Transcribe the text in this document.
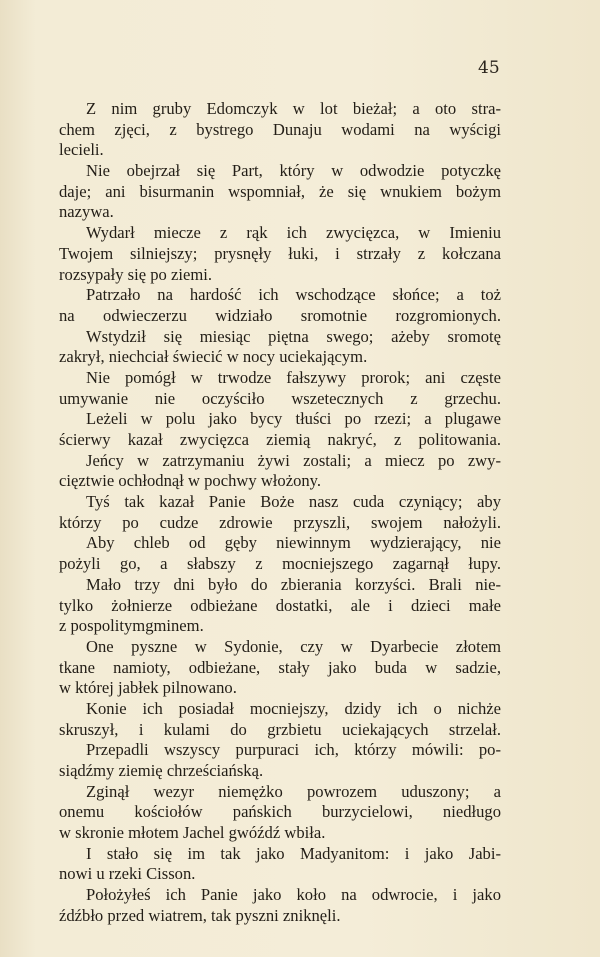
45
Z nim gruby Edomczyk w lot bieżał; a oto stra-
chem zjęci, z bystrego Dunaju wodami na wyścigi
lecieli.
Nie obejrzał się Part, który w odwodzie potyczkę
daje; ani bisurmanin wspomniał, że się wnukiem bożym
nazywa.
Wydarł miecze z rąk ich zwycięzca, w Imieniu
Twojem silniejszy; prysnęły łuki, i strzały z kołczana
rozsypały się po ziemi.
Patrzało na hardość ich wschodzące słońce; a toż
na odwieczerzu widziało sromotnie rozgromionych.
Wstydził się miesiąc piętna swego; ażeby sromotę
zakrył, niechciał świecić w nocy uciekającym.
Nie pomógł w trwodze fałszywy prorok; ani częste
umywanie nie oczyściło wszetecznych z grzechu.
Leżeli w polu jako bycy tłuści po rzezi; a plugawe
ścierwy kazał zwycięzca ziemią nakryć, z politowania.
Jeńcy w zatrzymaniu żywi zostali; a miecz po zwy-
cięztwie ochłodnął w pochwy włożony.
Tyś tak kazał Panie Boże nasz cuda czyniący; aby
którzy po cudze zdrowie przyszli, swojem nałożyli.
Aby chleb od gęby niewinnym wydzierający, nie
pożyli go, a słabszy z mocniejszego zagarnął łupy.
Mało trzy dni było do zbierania korzyści. Brali nie-
tylko żołnierze odbieżane dostatki, ale i dzieci małe
z pospolitymgminem.
One pyszne w Sydonie, czy w Dyarbecie złotem
tkane namioty, odbieżane, stały jako buda w sadzie,
w której jabłek pilnowano.
Konie ich posiadał mocniejszy, dzidy ich o nichże
skruszył, i kulami do grzbietu uciekających strzelał.
Przepadli wszyscy purpuraci ich, którzy mówili: po-
siądźmy ziemię chrześciańską.
Zginął wezyr niemężko powrozem uduszony; a
onemu kościołów pańskich burzycielowi, niedługo
w skronie młotem Jachel gwóźdź wbiła.
I stało się im tak jako Madyanitom: i jako Jabi-
nowi u rzeki Cisson.
Położyłeś ich Panie jako koło na odwrocie, i jako
źdźbło przed wiatrem, tak pyszni zniknęli.
